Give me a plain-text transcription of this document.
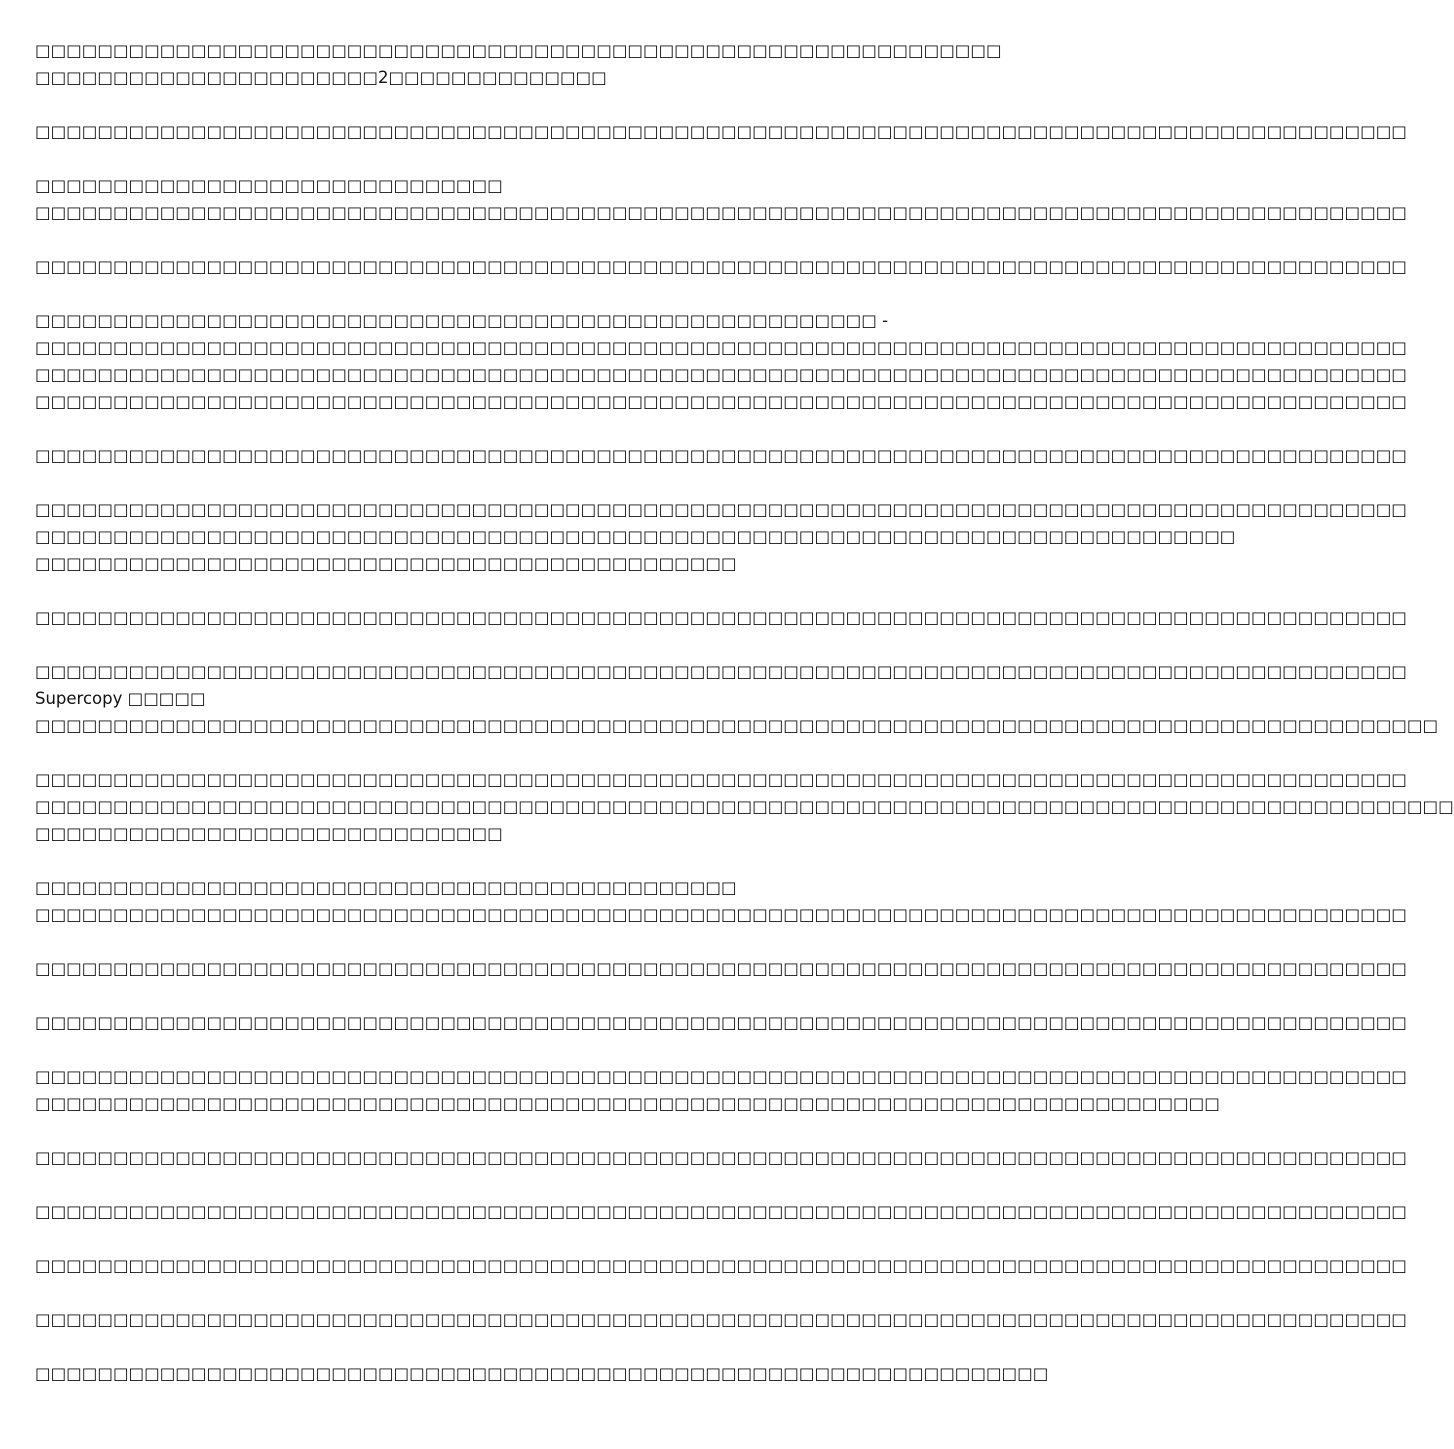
□□□□□□□□□□□□□□□□□□□□□□□□□□□□□□□□□□□□□□□□□□□□□□□□□□□□□□□□□□□□□□
□□□□□□□□□□□□□□□□□□□□□□2□□□□□□□□□□□□□□
□□□□□□□□□□□□□□□□□□□□□□□□□□□□□□□□□□□□□□□□□□□□□□□□□□□□□□□□□□□□□□□□□□□□□□□□□□□□□□□□□□□□□□□□
□□□□□□□□□□□□□□□□□□□□□□□□□□□□□□
□□□□□□□□□□□□□□□□□□□□□□□□□□□□□□□□□□□□□□□□□□□□□□□□□□□□□□□□□□□□□□□□□□□□□□□□□□□□□□□□□□□□□□□□
□□□□□□□□□□□□□□□□□□□□□□□□□□□□□□□□□□□□□□□□□□□□□□□□□□□□□□□□□□□□□□□□□□□□□□□□□□□□□□□□□□□□□□□□
□□□□□□□□□□□□□□□□□□□□□□□□□□□□□□□□□□□□□□□□□□□□□□□□□□□□□□ -
□□□□□□□□□□□□□□□□□□□□□□□□□□□□□□□□□□□□□□□□□□□□□□□□□□□□□□□□□□□□□□□□□□□□□□□□□□□□□□□□□□□□□□□□
□□□□□□□□□□□□□□□□□□□□□□□□□□□□□□□□□□□□□□□□□□□□□□□□□□□□□□□□□□□□□□□□□□□□□□□□□□□□□□□□□□□□□□□□
□□□□□□□□□□□□□□□□□□□□□□□□□□□□□□□□□□□□□□□□□□□□□□□□□□□□□□□□□□□□□□□□□□□□□□□□□□□□□□□□□□□□□□□□
□□□□□□□□□□□□□□□□□□□□□□□□□□□□□□□□□□□□□□□□□□□□□□□□□□□□□□□□□□□□□□□□□□□□□□□□□□□□□□□□□□□□□□□□
□□□□□□□□□□□□□□□□□□□□□□□□□□□□□□□□□□□□□□□□□□□□□□□□□□□□□□□□□□□□□□□□□□□□□□□□□□□□□□□□□□□□□□□□
□□□□□□□□□□□□□□□□□□□□□□□□□□□□□□□□□□□□□□□□□□□□□□□□□□□□□□□□□□□□□□□□□□□□□□□□□□□□□
□□□□□□□□□□□□□□□□□□□□□□□□□□□□□□□□□□□□□□□□□□□□□
□□□□□□□□□□□□□□□□□□□□□□□□□□□□□□□□□□□□□□□□□□□□□□□□□□□□□□□□□□□□□□□□□□□□□□□□□□□□□□□□□□□□□□□□
□□□□□□□□□□□□□□□□□□□□□□□□□□□□□□□□□□□□□□□□□□□□□□□□□□□□□□□□□□□□□□□□□□□□□□□□□□□□□□□□□□□□□□□□
Supercopy □□□□□
□□□□□□□□□□□□□□□□□□□□□□□□□□□□□□□□□□□□□□□□□□□□□□□□□□□□□□□□□□□□□□□□□□□□□□□□□□□□□□□□□□□□□□□□□□
□□□□□□□□□□□□□□□□□□□□□□□□□□□□□□□□□□□□□□□□□□□□□□□□□□□□□□□□□□□□□□□□□□□□□□□□□□□□□□□□□□□□□□□□
□□□□□□□□□□□□□□□□□□□□□□□□□□□□□□□□□□□□□□□□□□□□□□□□□□□□□□□□□□□□□□□□□□□□□□□□□□□□□□□□□□□□□□□□□□□
□□□□□□□□□□□□□□□□□□□□□□□□□□□□□□
□□□□□□□□□□□□□□□□□□□□□□□□□□□□□□□□□□□□□□□□□□□□□
□□□□□□□□□□□□□□□□□□□□□□□□□□□□□□□□□□□□□□□□□□□□□□□□□□□□□□□□□□□□□□□□□□□□□□□□□□□□□□□□□□□□□□□□
□□□□□□□□□□□□□□□□□□□□□□□□□□□□□□□□□□□□□□□□□□□□□□□□□□□□□□□□□□□□□□□□□□□□□□□□□□□□□□□□□□□□□□□□
□□□□□□□□□□□□□□□□□□□□□□□□□□□□□□□□□□□□□□□□□□□□□□□□□□□□□□□□□□□□□□□□□□□□□□□□□□□□□□□□□□□□□□□□
□□□□□□□□□□□□□□□□□□□□□□□□□□□□□□□□□□□□□□□□□□□□□□□□□□□□□□□□□□□□□□□□□□□□□□□□□□□□□□□□□□□□□□□□
□□□□□□□□□□□□□□□□□□□□□□□□□□□□□□□□□□□□□□□□□□□□□□□□□□□□□□□□□□□□□□□□□□□□□□□□□□□□
□□□□□□□□□□□□□□□□□□□□□□□□□□□□□□□□□□□□□□□□□□□□□□□□□□□□□□□□□□□□□□□□□□□□□□□□□□□□□□□□□□□□□□□□
□□□□□□□□□□□□□□□□□□□□□□□□□□□□□□□□□□□□□□□□□□□□□□□□□□□□□□□□□□□□□□□□□□□□□□□□□□□□□□□□□□□□□□□□
□□□□□□□□□□□□□□□□□□□□□□□□□□□□□□□□□□□□□□□□□□□□□□□□□□□□□□□□□□□□□□□□□□□□□□□□□□□□□□□□□□□□□□□□
□□□□□□□□□□□□□□□□□□□□□□□□□□□□□□□□□□□□□□□□□□□□□□□□□□□□□□□□□□□□□□□□□□□□□□□□□□□□□□□□□□□□□□□□
□□□□□□□□□□□□□□□□□□□□□□□□□□□□□□□□□□□□□□□□□□□□□□□□□□□□□□□□□□□□□□□□□
